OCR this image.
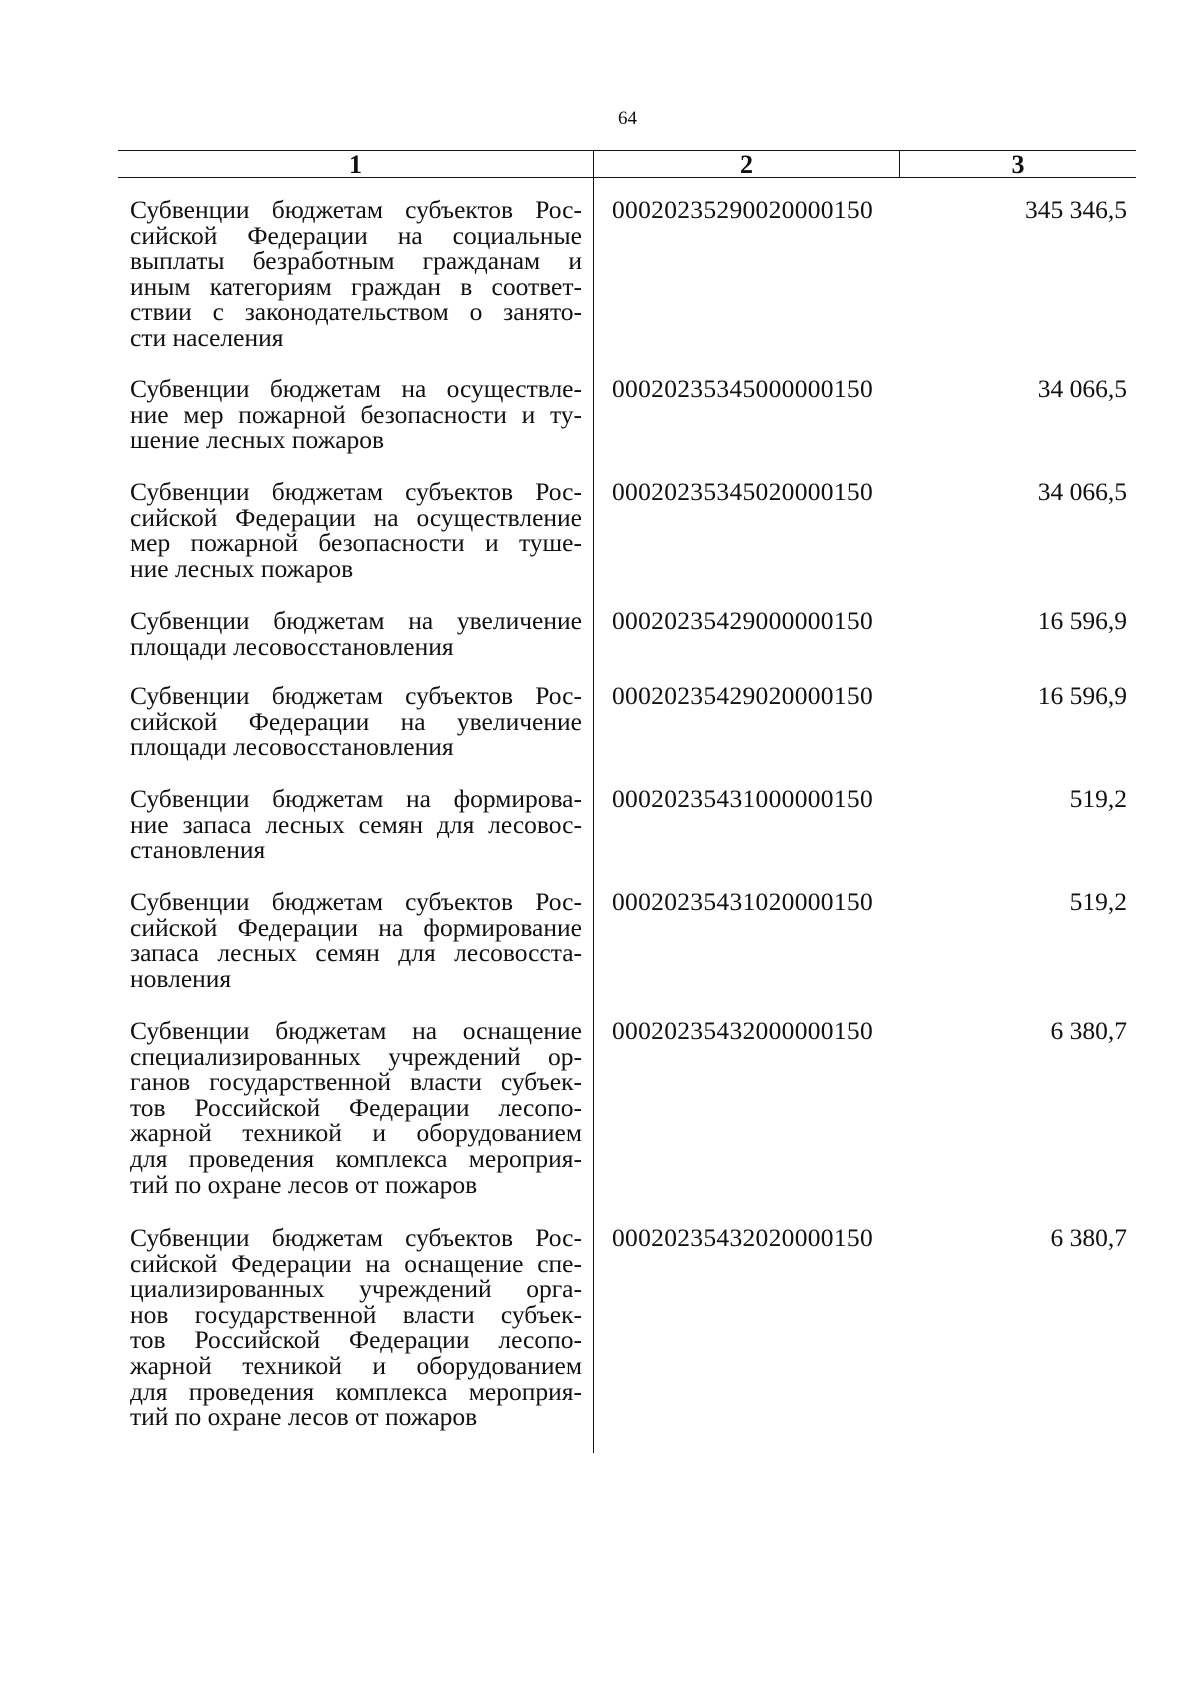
64
1	2	3
Субвенции бюджетам субъектов Рос-
сийской Федерации на социальные
выплаты безработным гражданам и
иным категориям граждан в соответ-
ствии с законодательством о занято-
сти населения
00020235290020000150	345 346,5
Субвенции бюджетам на осуществле-
ние мер пожарной безопасности и ту-
шение лесных пожаров
00020235345000000150	34 066,5
Субвенции бюджетам субъектов Рос-
сийской Федерации на осуществление
мер пожарной безопасности и туше-
ние лесных пожаров
00020235345020000150	34 066,5
Субвенции бюджетам на увеличение
площади лесовосстановления
00020235429000000150	16 596,9
Субвенции бюджетам субъектов Рос-
сийской Федерации на увеличение
площади лесовосстановления
00020235429020000150	16 596,9
Субвенции бюджетам на формирова-
ние запаса лесных семян для лесовос-
становления
00020235431000000150	519,2
Субвенции бюджетам субъектов Рос-
сийской Федерации на формирование
запаса лесных семян для лесовосста-
новления
00020235431020000150	519,2
Субвенции бюджетам на оснащение
специализированных учреждений ор-
ганов государственной власти субъек-
тов Российской Федерации лесопо-
жарной техникой и оборудованием
для проведения комплекса мероприя-
тий по охране лесов от пожаров
00020235432000000150	6 380,7
Субвенции бюджетам субъектов Рос-
сийской Федерации на оснащение спе-
циализированных учреждений орга-
нов государственной власти субъек-
тов Российской Федерации лесопо-
жарной техникой и оборудованием
для проведения комплекса мероприя-
тий по охране лесов от пожаров
00020235432020000150	6 380,7
